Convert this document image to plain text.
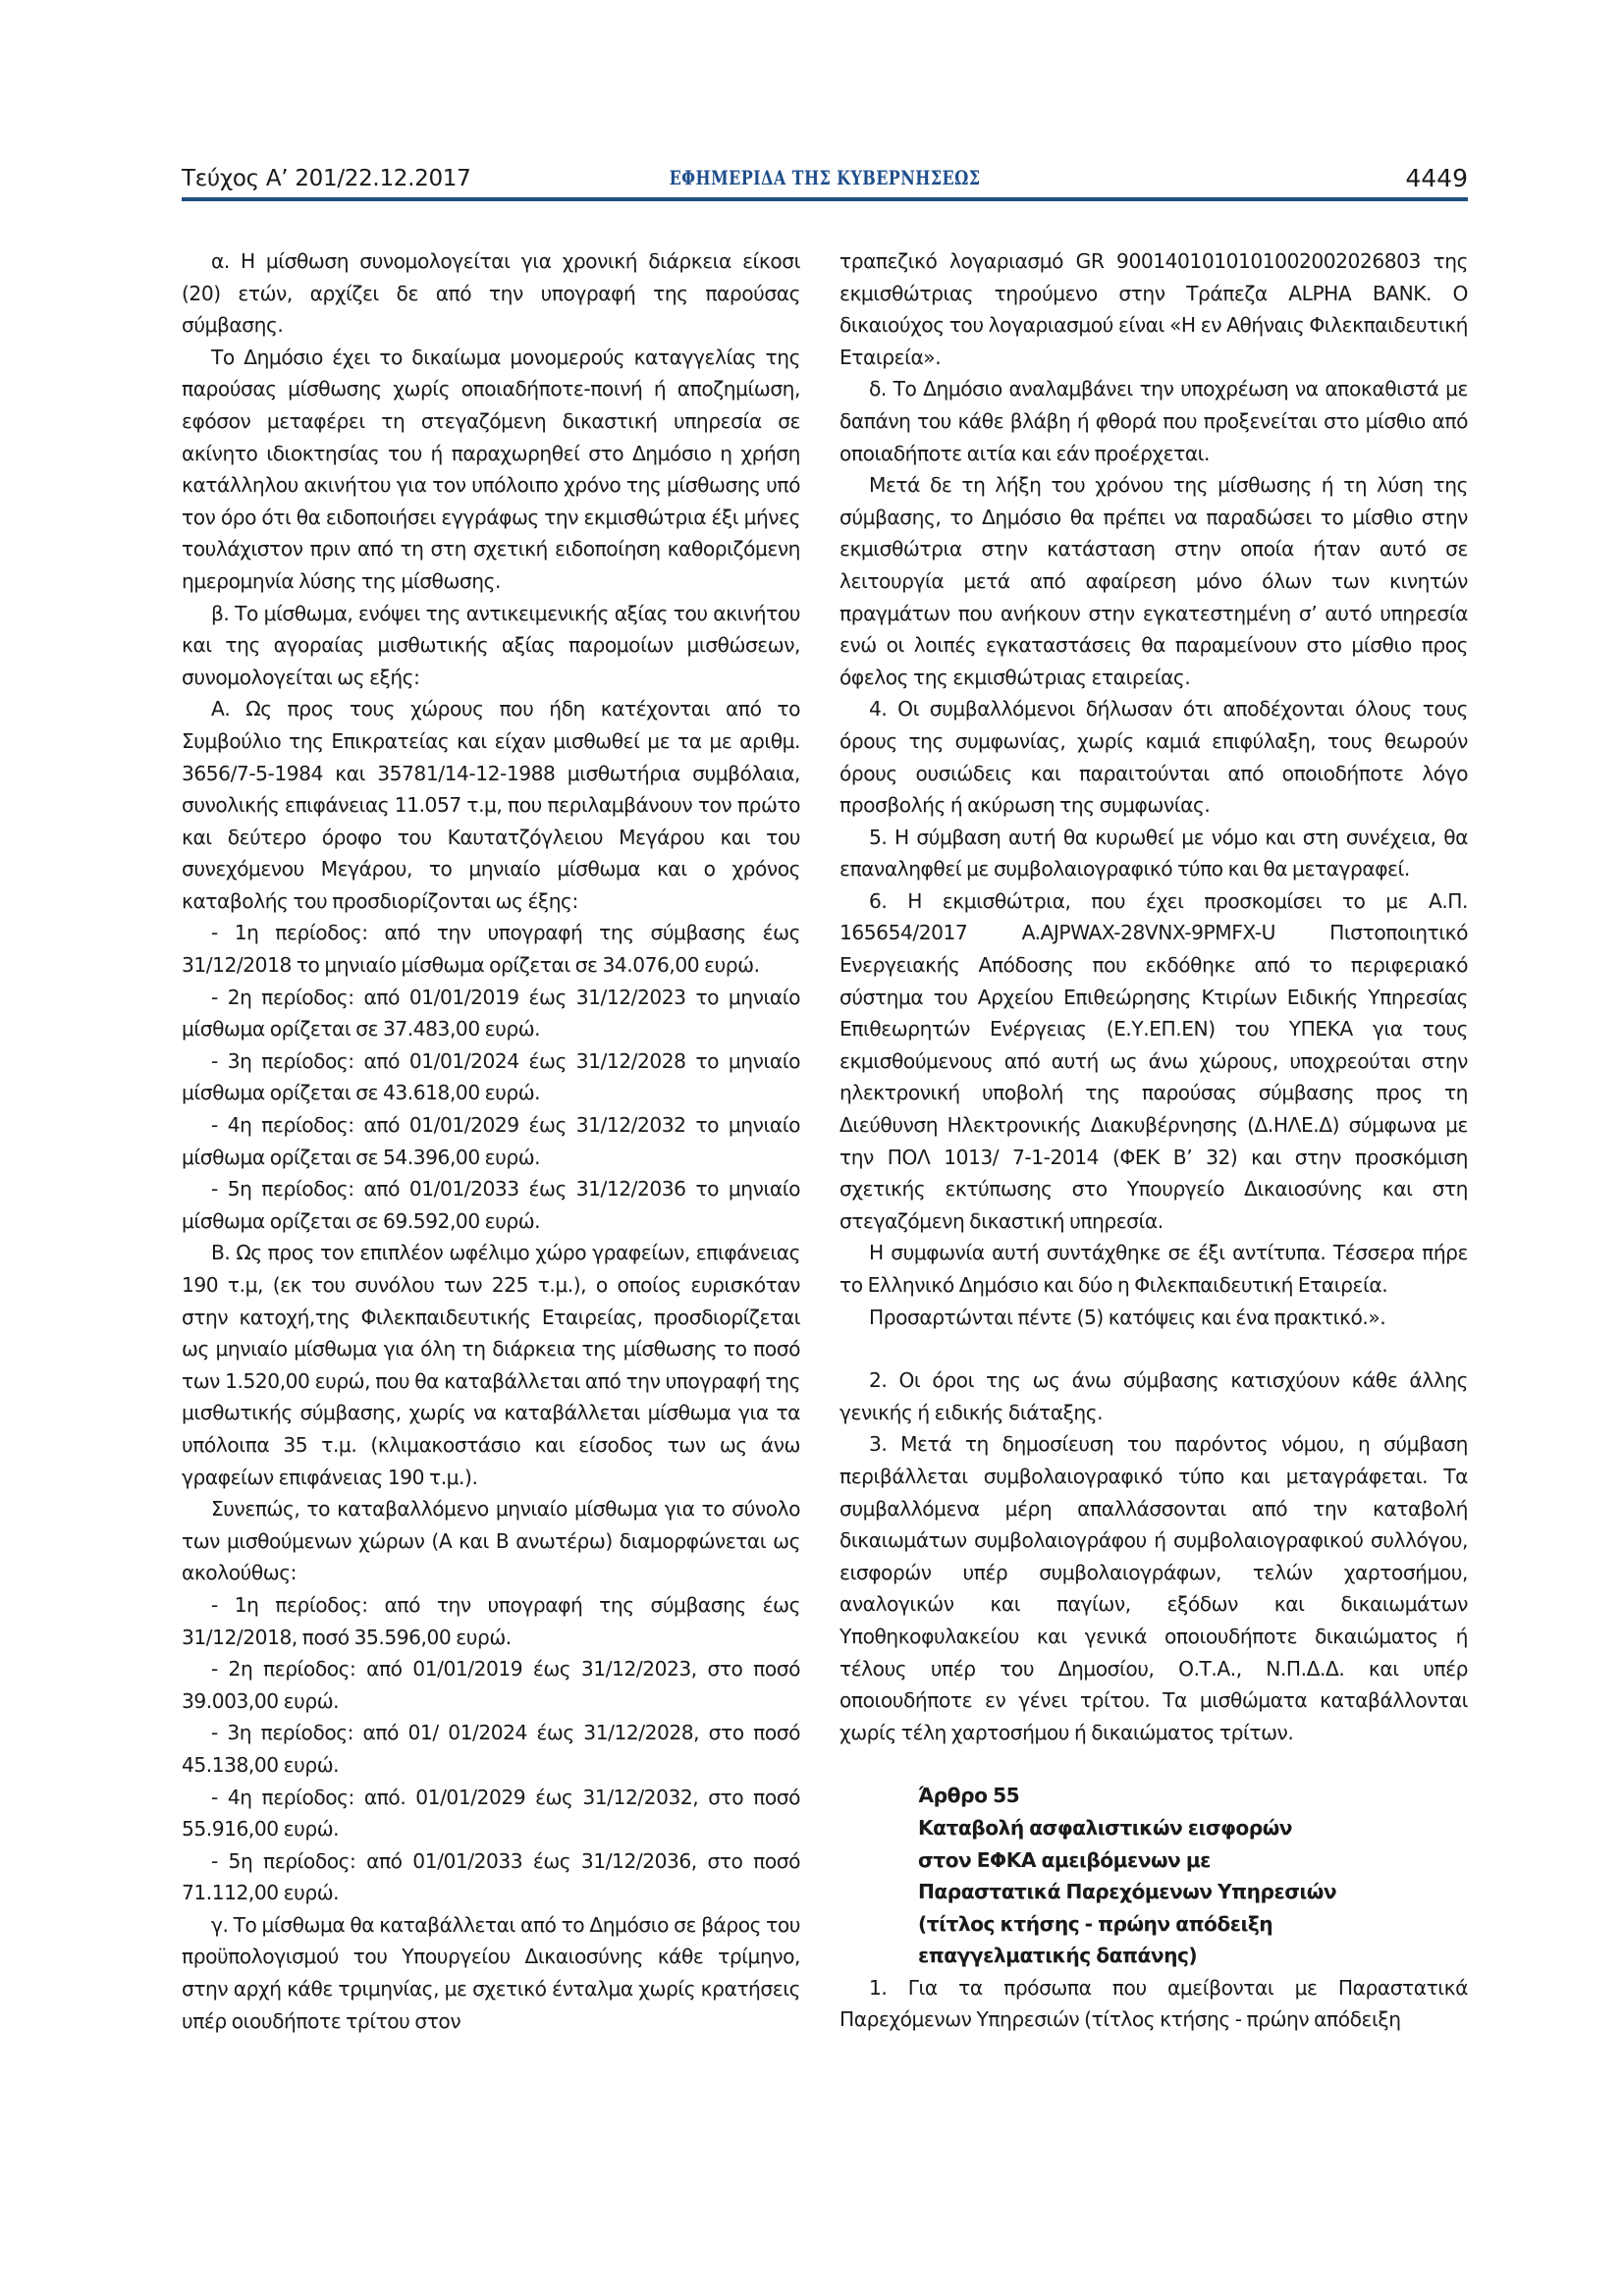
Τεύχος Α’ 201/22.12.2017	ΕΦΗΜΕΡΙΔΑ ΤΗΣ ΚΥΒΕΡΝΗΣΕΩΣ	4449

α. Η μίσθωση συνομολογείται για χρονική διάρκεια είκοσι (20) ετών, αρχίζει δε από την υπογραφή της παρούσας σύμβασης.

Το Δημόσιο έχει το δικαίωμα μονομερούς καταγγελίας της παρούσας μίσθωσης χωρίς οποιαδήποτε-ποινή ή αποζημίωση, εφόσον μεταφέρει τη στεγαζόμενη δικαστική υπηρεσία σε ακίνητο ιδιοκτησίας του ή παραχωρηθεί στο Δημόσιο η χρήση κατάλληλου ακινήτου για τον υπόλοιπο χρόνο της μίσθωσης υπό τον όρο ότι θα ειδοποιήσει εγγράφως την εκμισθώτρια έξι μήνες τουλάχιστον πριν από τη στη σχετική ειδοποίηση καθοριζόμενη ημερομηνία λύσης της μίσθωσης.

β. Το μίσθωμα, ενόψει της αντικειμενικής αξίας του ακινήτου και της αγοραίας μισθωτικής αξίας παρομοίων μισθώσεων, συνομολογείται ως εξής:

Α. Ως προς τους χώρους που ήδη κατέχονται από το Συμβούλιο της Επικρατείας και είχαν μισθωθεί με τα με αριθμ. 3656/7-5-1984 και 35781/14-12-1988 μισθωτήρια συμβόλαια, συνολικής επιφάνειας 11.057 τ.μ, που περιλαμβάνουν τον πρώτο και δεύτερο όροφο του Καυτατζόγλειου Μεγάρου και του συνεχόμενου Μεγάρου, το μηνιαίο μίσθωμα και ο χρόνος καταβολής του προσδιορίζονται ως έξης:

- 1η περίοδος: από την υπογραφή της σύμβασης έως 31/12/2018 το μηνιαίο μίσθωμα ορίζεται σε 34.076,00 ευρώ.

- 2η περίοδος: από 01/01/2019 έως 31/12/2023 το μηνιαίο μίσθωμα ορίζεται σε 37.483,00 ευρώ.

- 3η περίοδος: από 01/01/2024 έως 31/12/2028 το μηνιαίο μίσθωμα ορίζεται σε 43.618,00 ευρώ.

- 4η περίοδος: από 01/01/2029 έως 31/12/2032 το μηνιαίο μίσθωμα ορίζεται σε 54.396,00 ευρώ.

- 5η περίοδος: από 01/01/2033 έως 31/12/2036 το μηνιαίο μίσθωμα ορίζεται σε 69.592,00 ευρώ.

Β. Ως προς τον επιπλέον ωφέλιμο χώρο γραφείων, επιφάνειας 190 τ.μ, (εκ του συνόλου των 225 τ.μ.), ο οποίος ευρισκόταν στην κατοχή,της Φιλεκπαιδευτικής Εταιρείας, προσδιορίζεται ως μηνιαίο μίσθωμα για όλη τη διάρκεια της μίσθωσης το ποσό των 1.520,00 ευρώ, που θα καταβάλλεται από την υπογραφή της μισθωτικής σύμβασης, χωρίς να καταβάλλεται μίσθωμα για τα υπόλοιπα 35 τ.μ. (κλιμακοστάσιο και είσοδος των ως άνω γραφείων επιφάνειας 190 τ.μ.).

Συνεπώς, το καταβαλλόμενο μηνιαίο μίσθωμα για το σύνολο των μισθούμενων χώρων (Α και Β ανωτέρω) διαμορφώνεται ως ακολούθως:

- 1η περίοδος: από την υπογραφή της σύμβασης έως 31/12/2018, ποσό 35.596,00 ευρώ.

- 2η περίοδος: από 01/01/2019 έως 31/12/2023, στο ποσό 39.003,00 ευρώ.

- 3η περίοδος: από 01/ 01/2024 έως 31/12/2028, στο ποσό 45.138,00 ευρώ.

- 4η περίοδος: από. 01/01/2029 έως 31/12/2032, στο ποσό 55.916,00 ευρώ.

- 5η περίοδος: από 01/01/2033 έως 31/12/2036, στο ποσό 71.112,00 ευρώ.

γ. Το μίσθωμα θα καταβάλλεται από το Δημόσιο σε βάρος του προϋπολογισμού του Υπουργείου Δικαιοσύνης κάθε τρίμηνο, στην αρχή κάθε τριμηνίας, με σχετικό ένταλμα χωρίς κρατήσεις υπέρ οιουδήποτε τρίτου στον

τραπεζικό λογαριασμό GR 9001401010101002002026803 της εκμισθώτριας τηρούμενο στην Τράπεζα ALPHA BANK. Ο δικαιούχος του λογαριασμού είναι «Η εν Αθήναις Φιλεκπαιδευτική Εταιρεία».

δ. Το Δημόσιο αναλαμβάνει την υποχρέωση να αποκαθιστά με δαπάνη του κάθε βλάβη ή φθορά που προξενείται στο μίσθιο από οποιαδήποτε αιτία και εάν προέρχεται.

Μετά δε τη λήξη του χρόνου της μίσθωσης ή τη λύση της σύμβασης, το Δημόσιο θα πρέπει να παραδώσει το μίσθιο στην εκμισθώτρια στην κατάσταση στην οποία ήταν αυτό σε λειτουργία μετά από αφαίρεση μόνο όλων των κινητών πραγμάτων που ανήκουν στην εγκατεστημένη σ’ αυτό υπηρεσία ενώ οι λοιπές εγκαταστάσεις θα παραμείνουν στο μίσθιο προς όφελος της εκμισθώτριας εταιρείας.

4. Οι συμβαλλόμενοι δήλωσαν ότι αποδέχονται όλους τους όρους της συμφωνίας, χωρίς καμιά επιφύλαξη, τους θεωρούν όρους ουσιώδεις και παραιτούνται από οποιοδήποτε λόγο προσβολής ή ακύρωση της συμφωνίας.

5. Η σύμβαση αυτή θα κυρωθεί με νόμο και στη συνέχεια, θα επαναληφθεί με συμβολαιογραφικό τύπο και θα μεταγραφεί.

6. Η εκμισθώτρια, που έχει προσκομίσει το με Α.Π. 165654/2017 A.AJPWAX-28VNX-9PMFX-U Πιστοποιητικό Ενεργειακής Απόδοσης που εκδόθηκε από το περιφεριακό σύστημα του Αρχείου Επιθεώρησης Κτιρίων Ειδικής Υπηρεσίας Επιθεωρητών Ενέργειας (Ε.Υ.ΕΠ.ΕΝ) του ΥΠΕΚΑ για τους εκμισθούμενους από αυτή ως άνω χώρους, υποχρεούται στην ηλεκτρονική υποβολή της παρούσας σύμβασης προς τη Διεύθυνση Ηλεκτρονικής Διακυβέρνησης (Δ.ΗΛΕ.Δ) σύμφωνα με την ΠΟΛ 1013/ 7-1-2014 (ΦΕΚ Β’ 32) και στην προσκόμιση σχετικής εκτύπωσης στο Υπουργείο Δικαιοσύνης και στη στεγαζόμενη δικαστική υπηρεσία.

Η συμφωνία αυτή συντάχθηκε σε έξι αντίτυπα. Τέσσερα πήρε το Ελληνικό Δημόσιο και δύο η Φιλεκπαιδευτική Εταιρεία.

Προσαρτώνται πέντε (5) κατόψεις και ένα πρακτικό.».

2. Οι όροι της ως άνω σύμβασης κατισχύουν κάθε άλλης γενικής ή ειδικής διάταξης.

3. Μετά τη δημοσίευση του παρόντος νόμου, η σύμβαση περιβάλλεται συμβολαιογραφικό τύπο και μεταγράφεται. Τα συμβαλλόμενα μέρη απαλλάσσονται από την καταβολή δικαιωμάτων συμβολαιογράφου ή συμβολαιογραφικού συλλόγου, εισφορών υπέρ συμβολαιογράφων, τελών χαρτοσήμου, αναλογικών και παγίων, εξόδων και δικαιωμάτων Υποθηκοφυλακείου και γενικά οποιουδήποτε δικαιώματος ή τέλους υπέρ του Δημοσίου, Ο.Τ.Α., Ν.Π.Δ.Δ. και υπέρ οποιουδήποτε εν γένει τρίτου. Τα μισθώματα καταβάλλονται χωρίς τέλη χαρτοσήμου ή δικαιώματος τρίτων.

Άρθρο 55
Καταβολή ασφαλιστικών εισφορών
στον ΕΦΚΑ αμειβόμενων με
Παραστατικά Παρεχόμενων Υπηρεσιών
(τίτλος κτήσης - πρώην απόδειξη
επαγγελματικής δαπάνης)

1. Για τα πρόσωπα που αμείβονται με Παραστατικά Παρεχόμενων Υπηρεσιών (τίτλος κτήσης - πρώην απόδειξη
